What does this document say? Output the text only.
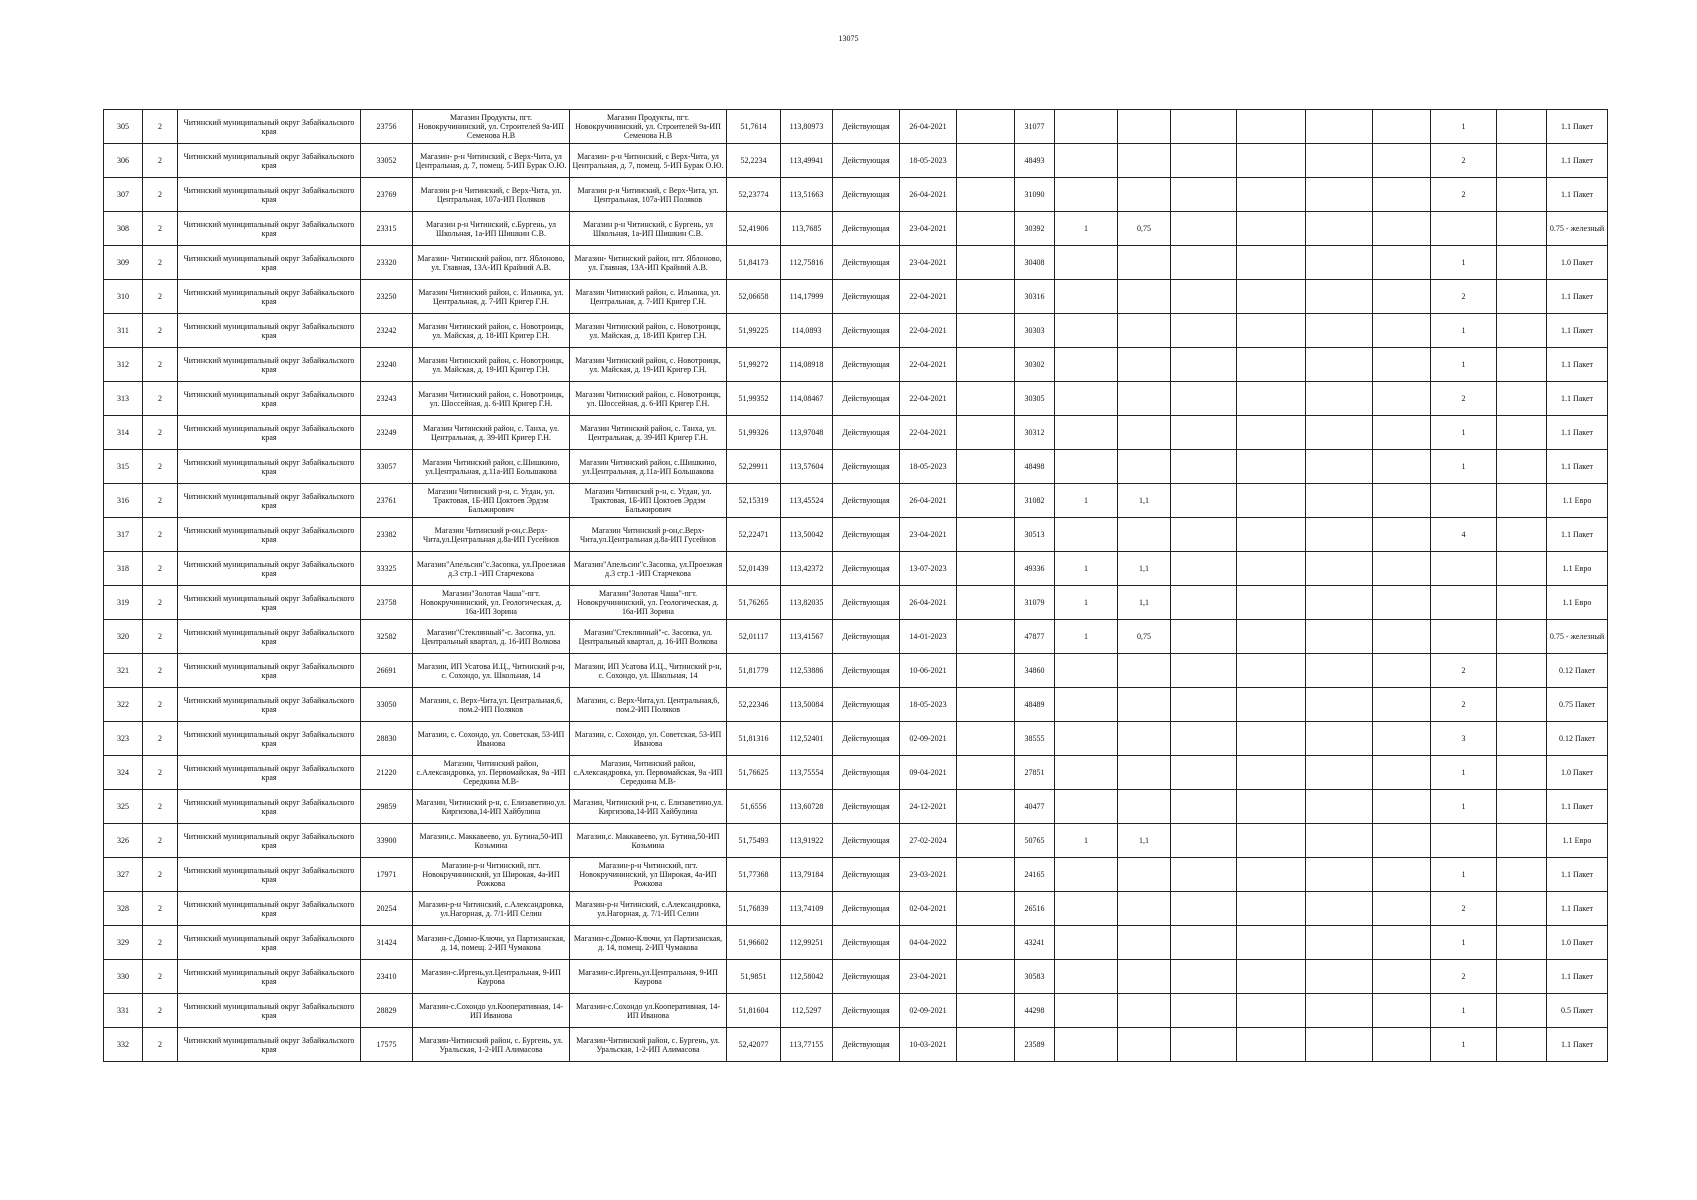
13075
305	2	Читинский муниципальный округ Забайкальского края	23756	Магазин Продукты, пгт. Новокручининский, ул. Строителей 9а-ИП Семенова Н.В	Магазин Продукты, пгт. Новокручининский, ул. Строителей 9а-ИП Семенова Н.В	51,7614	113,80973	Действующая	26-04-2021		31077							1		1.1 Пакет
306	2	Читинский муниципальный округ Забайкальского края	33052	Магазин- р-н Читинский, с Верх-Чита, ул Центральная, д. 7, помещ. 5-ИП Бурак О.Ю.	Магазин- р-н Читинский, с Верх-Чита, ул Центральная, д. 7, помещ. 5-ИП Бурак О.Ю.	52,2234	113,49941	Действующая	18-05-2023		48493							2		1.1 Пакет
307	2	Читинский муниципальный округ Забайкальского края	23769	Магазин р-н Читинский, с Верх-Чита, ул. Центральная, 107а-ИП Поляков	Магазин р-н Читинский, с Верх-Чита, ул. Центральная, 107а-ИП Поляков	52,23774	113,51663	Действующая	26-04-2021		31090							2		1.1 Пакет
308	2	Читинский муниципальный округ Забайкальского края	23315	Магазин р-н Читинский, с.Бургень, ул Школьная, 1а-ИП Шишкин С.В.	Магазин р-н Читинский, с Бургень, ул Школьная, 1а-ИП Шишкин С.В.	52,41906	113,7685	Действующая	23-04-2021		30392	1	0,75							0.75 - железный
309	2	Читинский муниципальный округ Забайкальского края	23320	Магазин- Читинский район, пгт. Яблоново, ул. Главная, 13А-ИП Крайний А.В.	Магазин- Читинский район, пгт. Яблоново, ул. Главная, 13А-ИП Крайний А.В.	51,84173	112,75816	Действующая	23-04-2021		30408							1		1.0 Пакет
310	2	Читинский муниципальный округ Забайкальского края	23250	Магазин Читинский район, с. Ильинка, ул. Центральная, д. 7-ИП Кригер Г.Н.	Магазин Читинский район, с. Ильинка, ул. Центральная, д. 7-ИП Кригер Г.Н.	52,06658	114,17999	Действующая	22-04-2021		30316							2		1.1 Пакет
311	2	Читинский муниципальный округ Забайкальского края	23242	Магазин Читинский район, с. Новотроицк, ул. Майская, д. 18-ИП Кригер Г.Н.	Магазин Читинский район, с. Новотроицк, ул. Майская, д. 18-ИП Кригер Г.Н.	51,99225	114,0893	Действующая	22-04-2021		30303							1		1.1 Пакет
312	2	Читинский муниципальный округ Забайкальского края	23240	Магазин Читинский район, с. Новотроицк, ул. Майская, д. 19-ИП Кригер Г.Н.	Магазин Читинский район, с. Новотроицк, ул. Майская, д. 19-ИП Кригер Г.Н.	51,99272	114,08918	Действующая	22-04-2021		30302							1		1.1 Пакет
313	2	Читинский муниципальный округ Забайкальского края	23243	Магазин Читинский район, с. Новотроицк, ул. Шоссейная, д. 6-ИП Кригер Г.Н.	Магазин Читинский район, с. Новотроицк, ул. Шоссейная, д. 6-ИП Кригер Г.Н.	51,99352	114,08467	Действующая	22-04-2021		30305							2		1.1 Пакет
314	2	Читинский муниципальный округ Забайкальского края	23249	Магазин Читинский район, с. Танха, ул. Центральная, д. 39-ИП Кригер Г.Н.	Магазин Читинский район, с. Танха, ул. Центральная, д. 39-ИП Кригер Г.Н.	51,99326	113,97048	Действующая	22-04-2021		30312							1		1.1 Пакет
315	2	Читинский муниципальный округ Забайкальского края	33057	Магазин Читинский район, с.Шишкино, ул.Центральная, д.11а-ИП Большакова	Магазин Читинский район, с.Шишкино, ул.Центральная, д.11а-ИП Большакова	52,29911	113,57604	Действующая	18-05-2023		48498							1		1.1 Пакет
316	2	Читинский муниципальный округ Забайкальского края	23761	Магазин Читинский р-н, с. Угдан, ул. Трактовая, 1Б-ИП Цоктоев Эрдэм Бальжирович	Магазин Читинский р-н, с. Угдан, ул. Трактовая, 1Б-ИП Цоктоев Эрдэм Бальжирович	52,15319	113,45524	Действующая	26-04-2021		31082	1	1,1							1.1 Евро
317	2	Читинский муниципальный округ Забайкальского края	23382	Магазин Читинский р-он,с.Верх-Чита,ул.Центральная д.8а-ИП Гусейнов	Магазин Читинский р-он,с.Верх-Чита,ул.Центральная д.8а-ИП Гусейнов	52,22471	113,50042	Действующая	23-04-2021		30513							4		1.1 Пакет
318	2	Читинский муниципальный округ Забайкальского края	33325	Магазин"Апельсин"с.Засопка, ул.Проезжая д.3 стр.1 -ИП Старчекова	Магазин"Апельсин"с.Засопка, ул.Проезжая д.3 стр.1 -ИП Старчекова	52,01439	113,42372	Действующая	13-07-2023		49336	1	1,1							1.1 Евро
319	2	Читинский муниципальный округ Забайкальского края	23758	Магазин"Золотая Чаша"-пгт. Новокручининский, ул. Геологическая, д. 16а-ИП Зорина	Магазин"Золотая Чаша"-пгт. Новокручининский, ул. Геологическая, д. 16а-ИП Зорина	51,76265	113,82035	Действующая	26-04-2021		31079	1	1,1							1.1 Евро
320	2	Читинский муниципальный округ Забайкальского края	32582	Магазин"Стеклянный"-с. Засопка, ул. Центральный квартал, д. 16-ИП Волкова	Магазин"Стеклянный"-с. Засопка, ул. Центральный квартал, д. 16-ИП Волкова	52,01117	113,41567	Действующая	14-01-2023		47877	1	0,75							0.75 - железный
321	2	Читинский муниципальный округ Забайкальского края	26691	Магазин, ИП Усатова И.Ц., Читинский р-н, с. Сохондо, ул. Школьная, 14	Магазин, ИП Усатова И.Ц., Читинский р-н, с. Сохондо, ул. Школьная, 14	51,81779	112,53886	Действующая	10-06-2021		34860							2		0.12 Пакет
322	2	Читинский муниципальный округ Забайкальского края	33050	Магазин, с. Верх-Чита,ул. Центральная,6, пом.2-ИП Поляков	Магазин, с. Верх-Чита,ул. Центральная,6, пом.2-ИП Поляков	52,22346	113,50084	Действующая	18-05-2023		48489							2		0.75 Пакет
323	2	Читинский муниципальный округ Забайкальского края	28830	Магазин, с. Сохондо, ул. Советская, 53-ИП Иванова	Магазин, с. Сохондо, ул. Советская, 53-ИП Иванова	51,81316	112,52401	Действующая	02-09-2021		38555							3		0.12 Пакет
324	2	Читинский муниципальный округ Забайкальского края	21220	Магазин, Читинский район, с.Александровка, ул. Первомайская, 9а -ИП Середкина М.В-	Магазин, Читинский район, с.Александровка, ул. Первомайская, 9а -ИП Середкина М.В-	51,76625	113,75554	Действующая	09-04-2021		27851							1		1.0 Пакет
325	2	Читинский муниципальный округ Забайкальского края	29859	Магазин, Читинский р-н, с. Елизаветино,ул. Киргизова,14-ИП Хайбулина	Магазин, Читинский р-н, с. Елизаветино,ул. Киргизова,14-ИП Хайбулина	51,6556	113,60728	Действующая	24-12-2021		40477							1		1.1 Пакет
326	2	Читинский муниципальный округ Забайкальского края	33900	Магазин,с. Маккавеево, ул. Бутина,50-ИП Козьмина	Магазин,с. Маккавеево, ул. Бутина,50-ИП Козьмина	51,75493	113,91922	Действующая	27-02-2024		50765	1	1,1							1.1 Евро
327	2	Читинский муниципальный округ Забайкальского края	17971	Магазин-р-н Читинский, пгт. Новокручининский, ул Широкая, 4а-ИП Рожкова	Магазин-р-н Читинский, пгт. Новокручининский, ул Широкая, 4а-ИП Рожкова	51,77368	113,79184	Действующая	23-03-2021		24165							1		1.1 Пакет
328	2	Читинский муниципальный округ Забайкальского края	20254	Магазин-р-н Читинский, с.Александровка, ул.Нагорная, д. 7/1-ИП Селин	Магазин-р-н Читинский, с.Александровка, ул.Нагорная, д. 7/1-ИП Селин	51,76839	113,74109	Действующая	02-04-2021		26516							2		1.1 Пакет
329	2	Читинский муниципальный округ Забайкальского края	31424	Магазин-с.Домно-Ключи, ул Партизанская, д. 14, помещ. 2-ИП Чумакова	Магазин-с.Домно-Ключи, ул Партизанская, д. 14, помещ. 2-ИП Чумакова	51,96602	112,99251	Действующая	04-04-2022		43241							1		1.0 Пакет
330	2	Читинский муниципальный округ Забайкальского края	23410	Магазин-с.Иргень,ул.Центральная, 9-ИП Каурова	Магазин-с.Иргень,ул.Центральная, 9-ИП Каурова	51,9851	112,58042	Действующая	23-04-2021		30583							2		1.1 Пакет
331	2	Читинский муниципальный округ Забайкальского края	28829	Магазин-с.Сохондо ул.Кооперативная, 14-ИП Иванова	Магазин-с.Сохондо ул.Кооперативная, 14-ИП Иванова	51,81604	112,5297	Действующая	02-09-2021		44298							1		0.5 Пакет
332	2	Читинский муниципальный округ Забайкальского края	17575	Магазин-Читинский район, с. Бургень, ул. Уральская, 1-2-ИП Алимасова	Магазин-Читинский район, с. Бургень, ул. Уральская, 1-2-ИП Алимасова	52,42077	113,77155	Действующая	10-03-2021		23589							1		1.1 Пакет
